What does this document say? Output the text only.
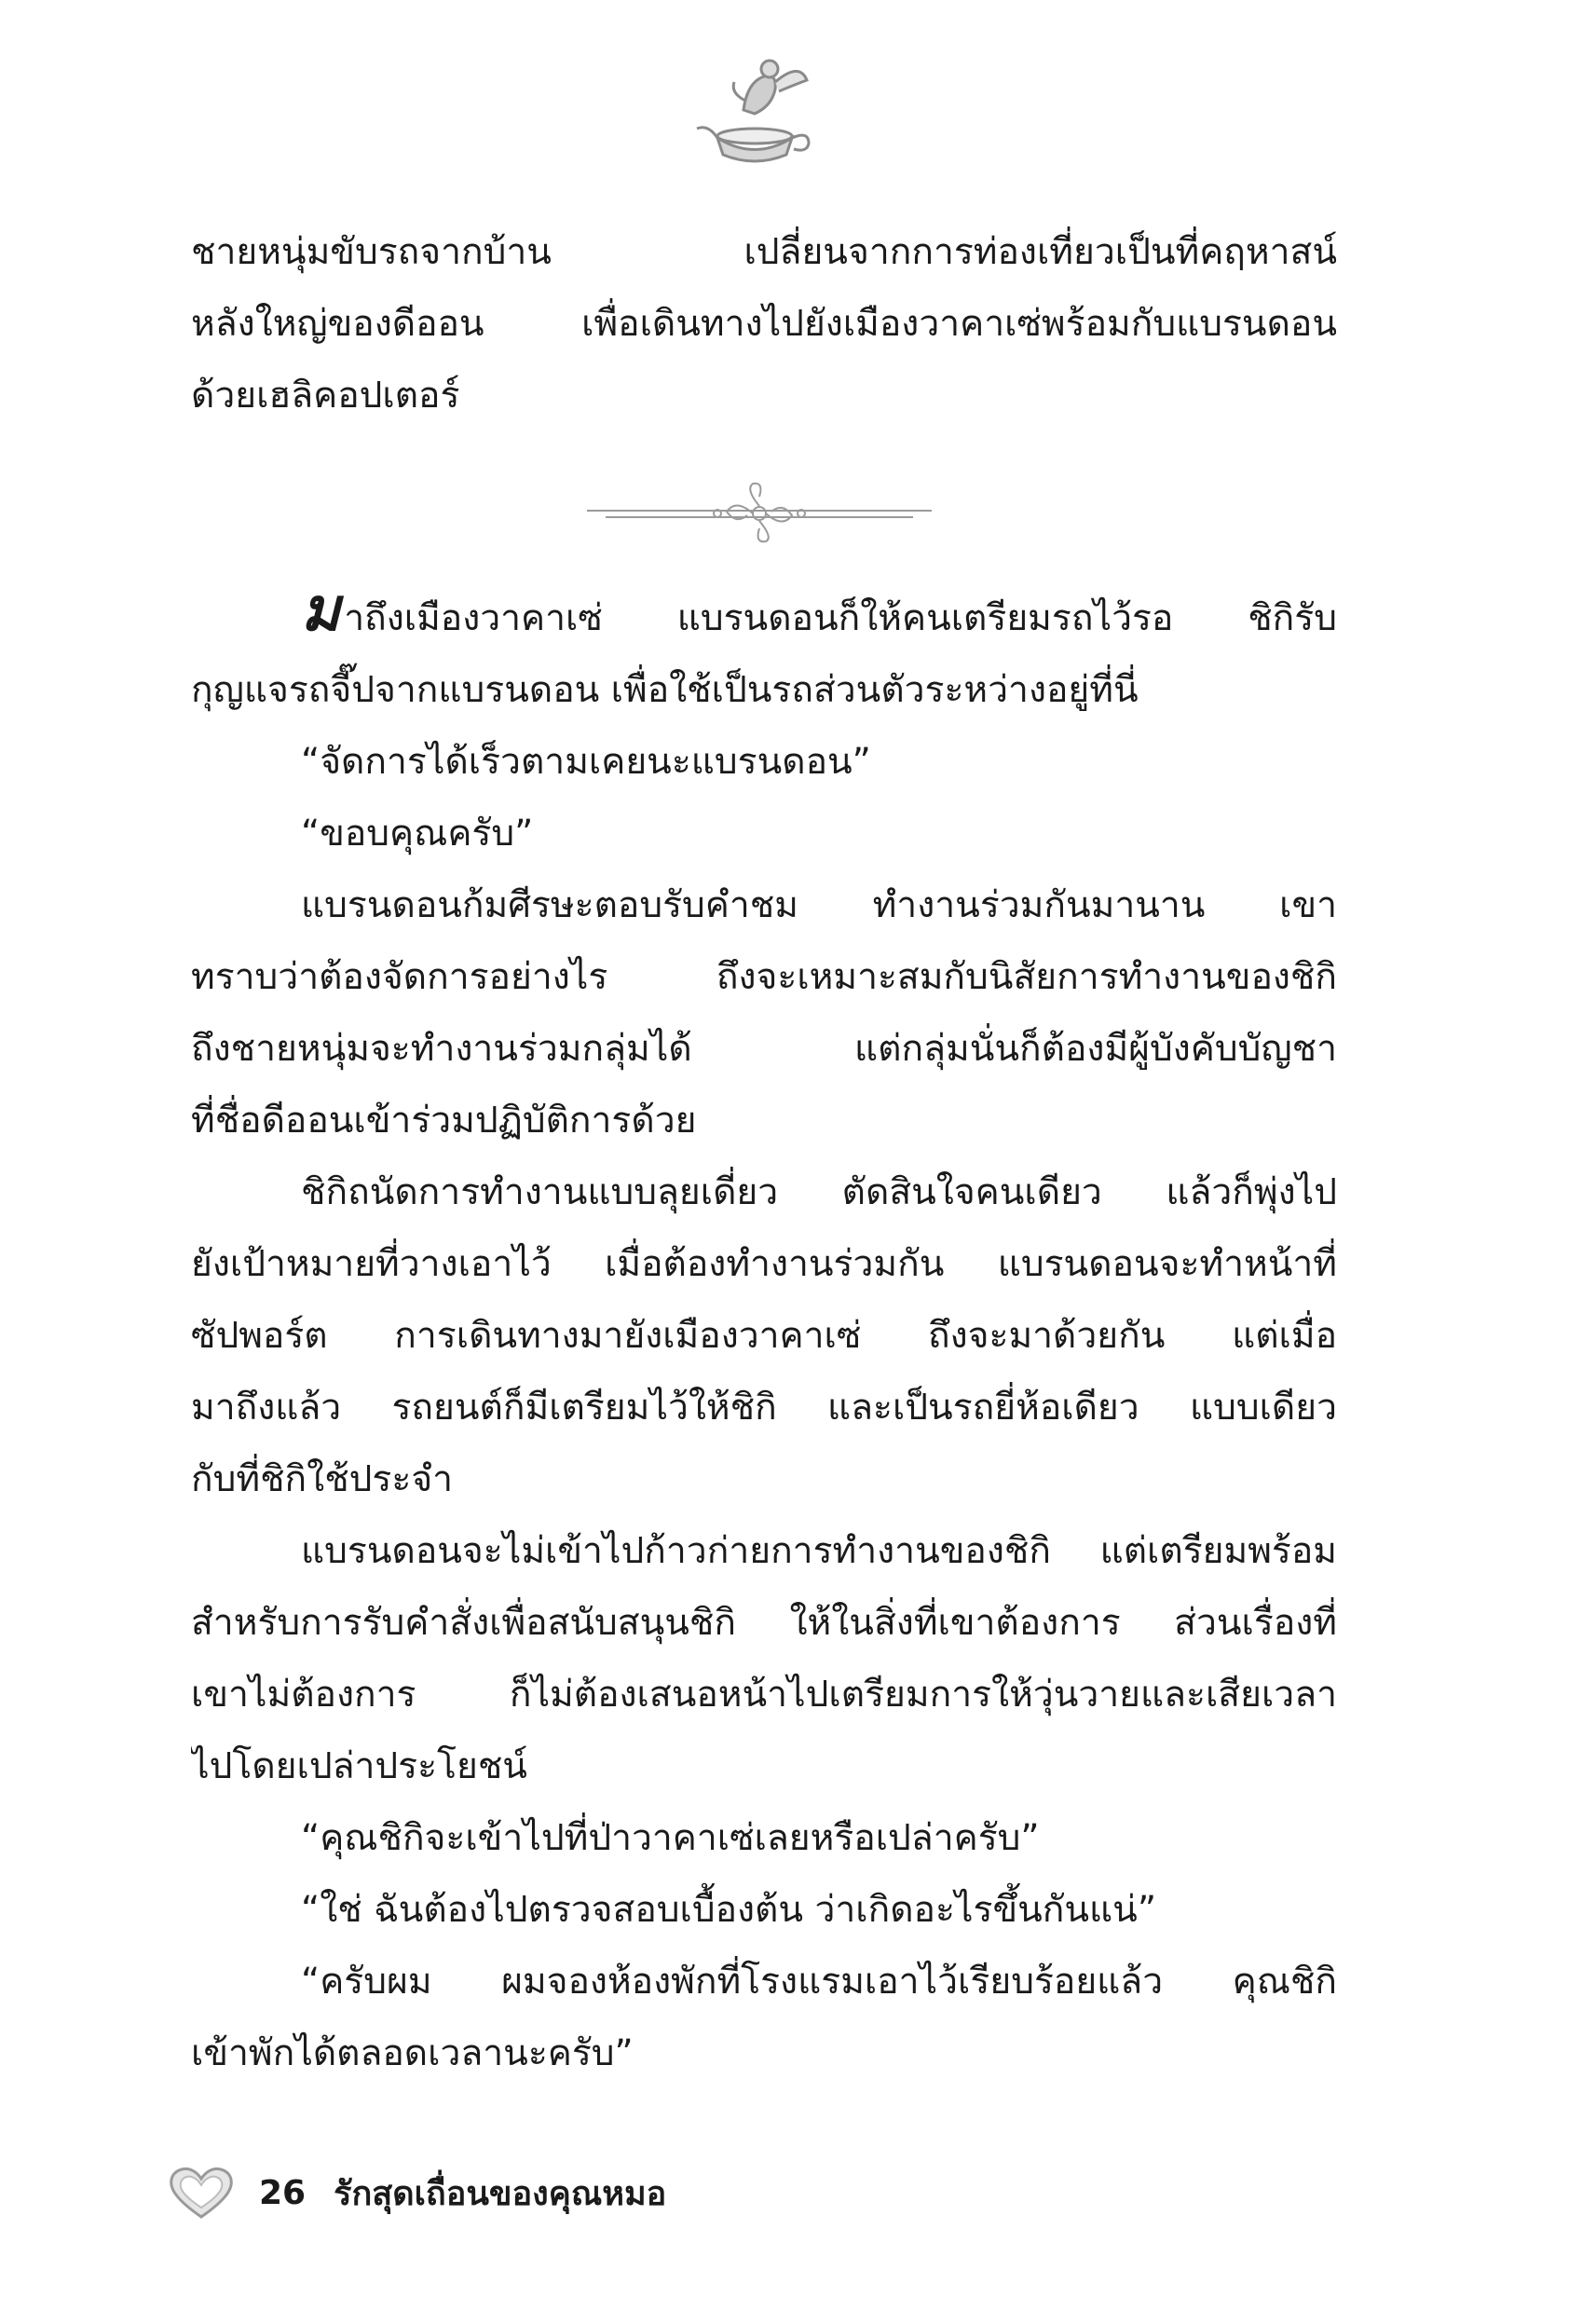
ชายหนุ่มขับรถจากบ้าน เปลี่ยนจากการท่องเที่ยวเป็นที่คฤหาสน์
หลังใหญ่ของดีออน เพื่อเดินทางไปยังเมืองวาคาเซ่พร้อมกับแบรนดอน
ด้วยเฮลิคอปเตอร์
ม าถึงเมืองวาคาเซ่ แบรนดอนก็ให้คนเตรียมรถไว้รอ ชิกิรับ
กุญแจรถจี๊ปจากแบรนดอน เพื่อใช้เป็นรถส่วนตัวระหว่างอยู่ที่นี่
“จัดการได้เร็วตามเคยนะแบรนดอน”
“ขอบคุณครับ”
แบรนดอนก้มศีรษะตอบรับคำชม ทำงานร่วมกันมานาน เขา
ทราบว่าต้องจัดการอย่างไร ถึงจะเหมาะสมกับนิสัยการทำงานของชิกิ
ถึงชายหนุ่มจะทำงานร่วมกลุ่มได้ แต่กลุ่มนั่นก็ต้องมีผู้บังคับบัญชา
ที่ชื่อดีออนเข้าร่วมปฏิบัติการด้วย
ชิกิถนัดการทำงานแบบลุยเดี่ยว ตัดสินใจคนเดียว แล้วก็พุ่งไป
ยังเป้าหมายที่วางเอาไว้ เมื่อต้องทำงานร่วมกัน แบรนดอนจะทำหน้าที่
ซัปพอร์ต การเดินทางมายังเมืองวาคาเซ่ ถึงจะมาด้วยกัน แต่เมื่อ
มาถึงแล้ว รถยนต์ก็มีเตรียมไว้ให้ชิกิ และเป็นรถยี่ห้อเดียว แบบเดียว
กับที่ชิกิใช้ประจำ
แบรนดอนจะไม่เข้าไปก้าวก่ายการทำงานของชิกิ แต่เตรียมพร้อม
สำหรับการรับคำสั่งเพื่อสนับสนุนชิกิ ให้ในสิ่งที่เขาต้องการ ส่วนเรื่องที่
เขาไม่ต้องการ ก็ไม่ต้องเสนอหน้าไปเตรียมการให้วุ่นวายและเสียเวลา
ไปโดยเปล่าประโยชน์
“คุณชิกิจะเข้าไปที่ป่าวาคาเซ่เลยหรือเปล่าครับ”
“ใช่ ฉันต้องไปตรวจสอบเบื้องต้น ว่าเกิดอะไรขึ้นกันแน่”
“ครับผม ผมจองห้องพักที่โรงแรมเอาไว้เรียบร้อยแล้ว คุณชิกิ
เข้าพักได้ตลอดเวลานะครับ”
26 รักสุดเถื่อนของคุณหมอ
